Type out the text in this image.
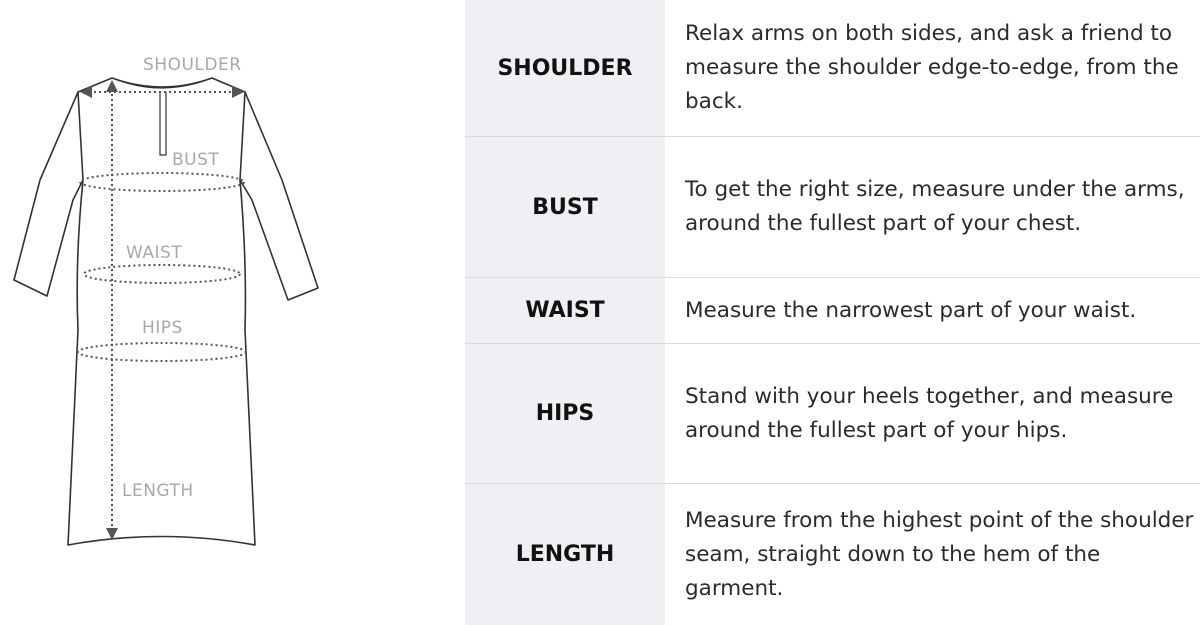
SHOULDER
BUST
WAIST
HIPS
LENGTH
SHOULDER
Relax arms on both sides, and ask a friend to measure the shoulder edge-to-edge, from the back.
BUST
To get the right size, measure under the arms, around the fullest part of your chest.
WAIST	Measure the narrowest part of your waist.
HIPS
Stand with your heels together, and measure around the fullest part of your hips.
LENGTH
Measure from the highest point of the shoulder seam, straight down to the hem of the garment.
